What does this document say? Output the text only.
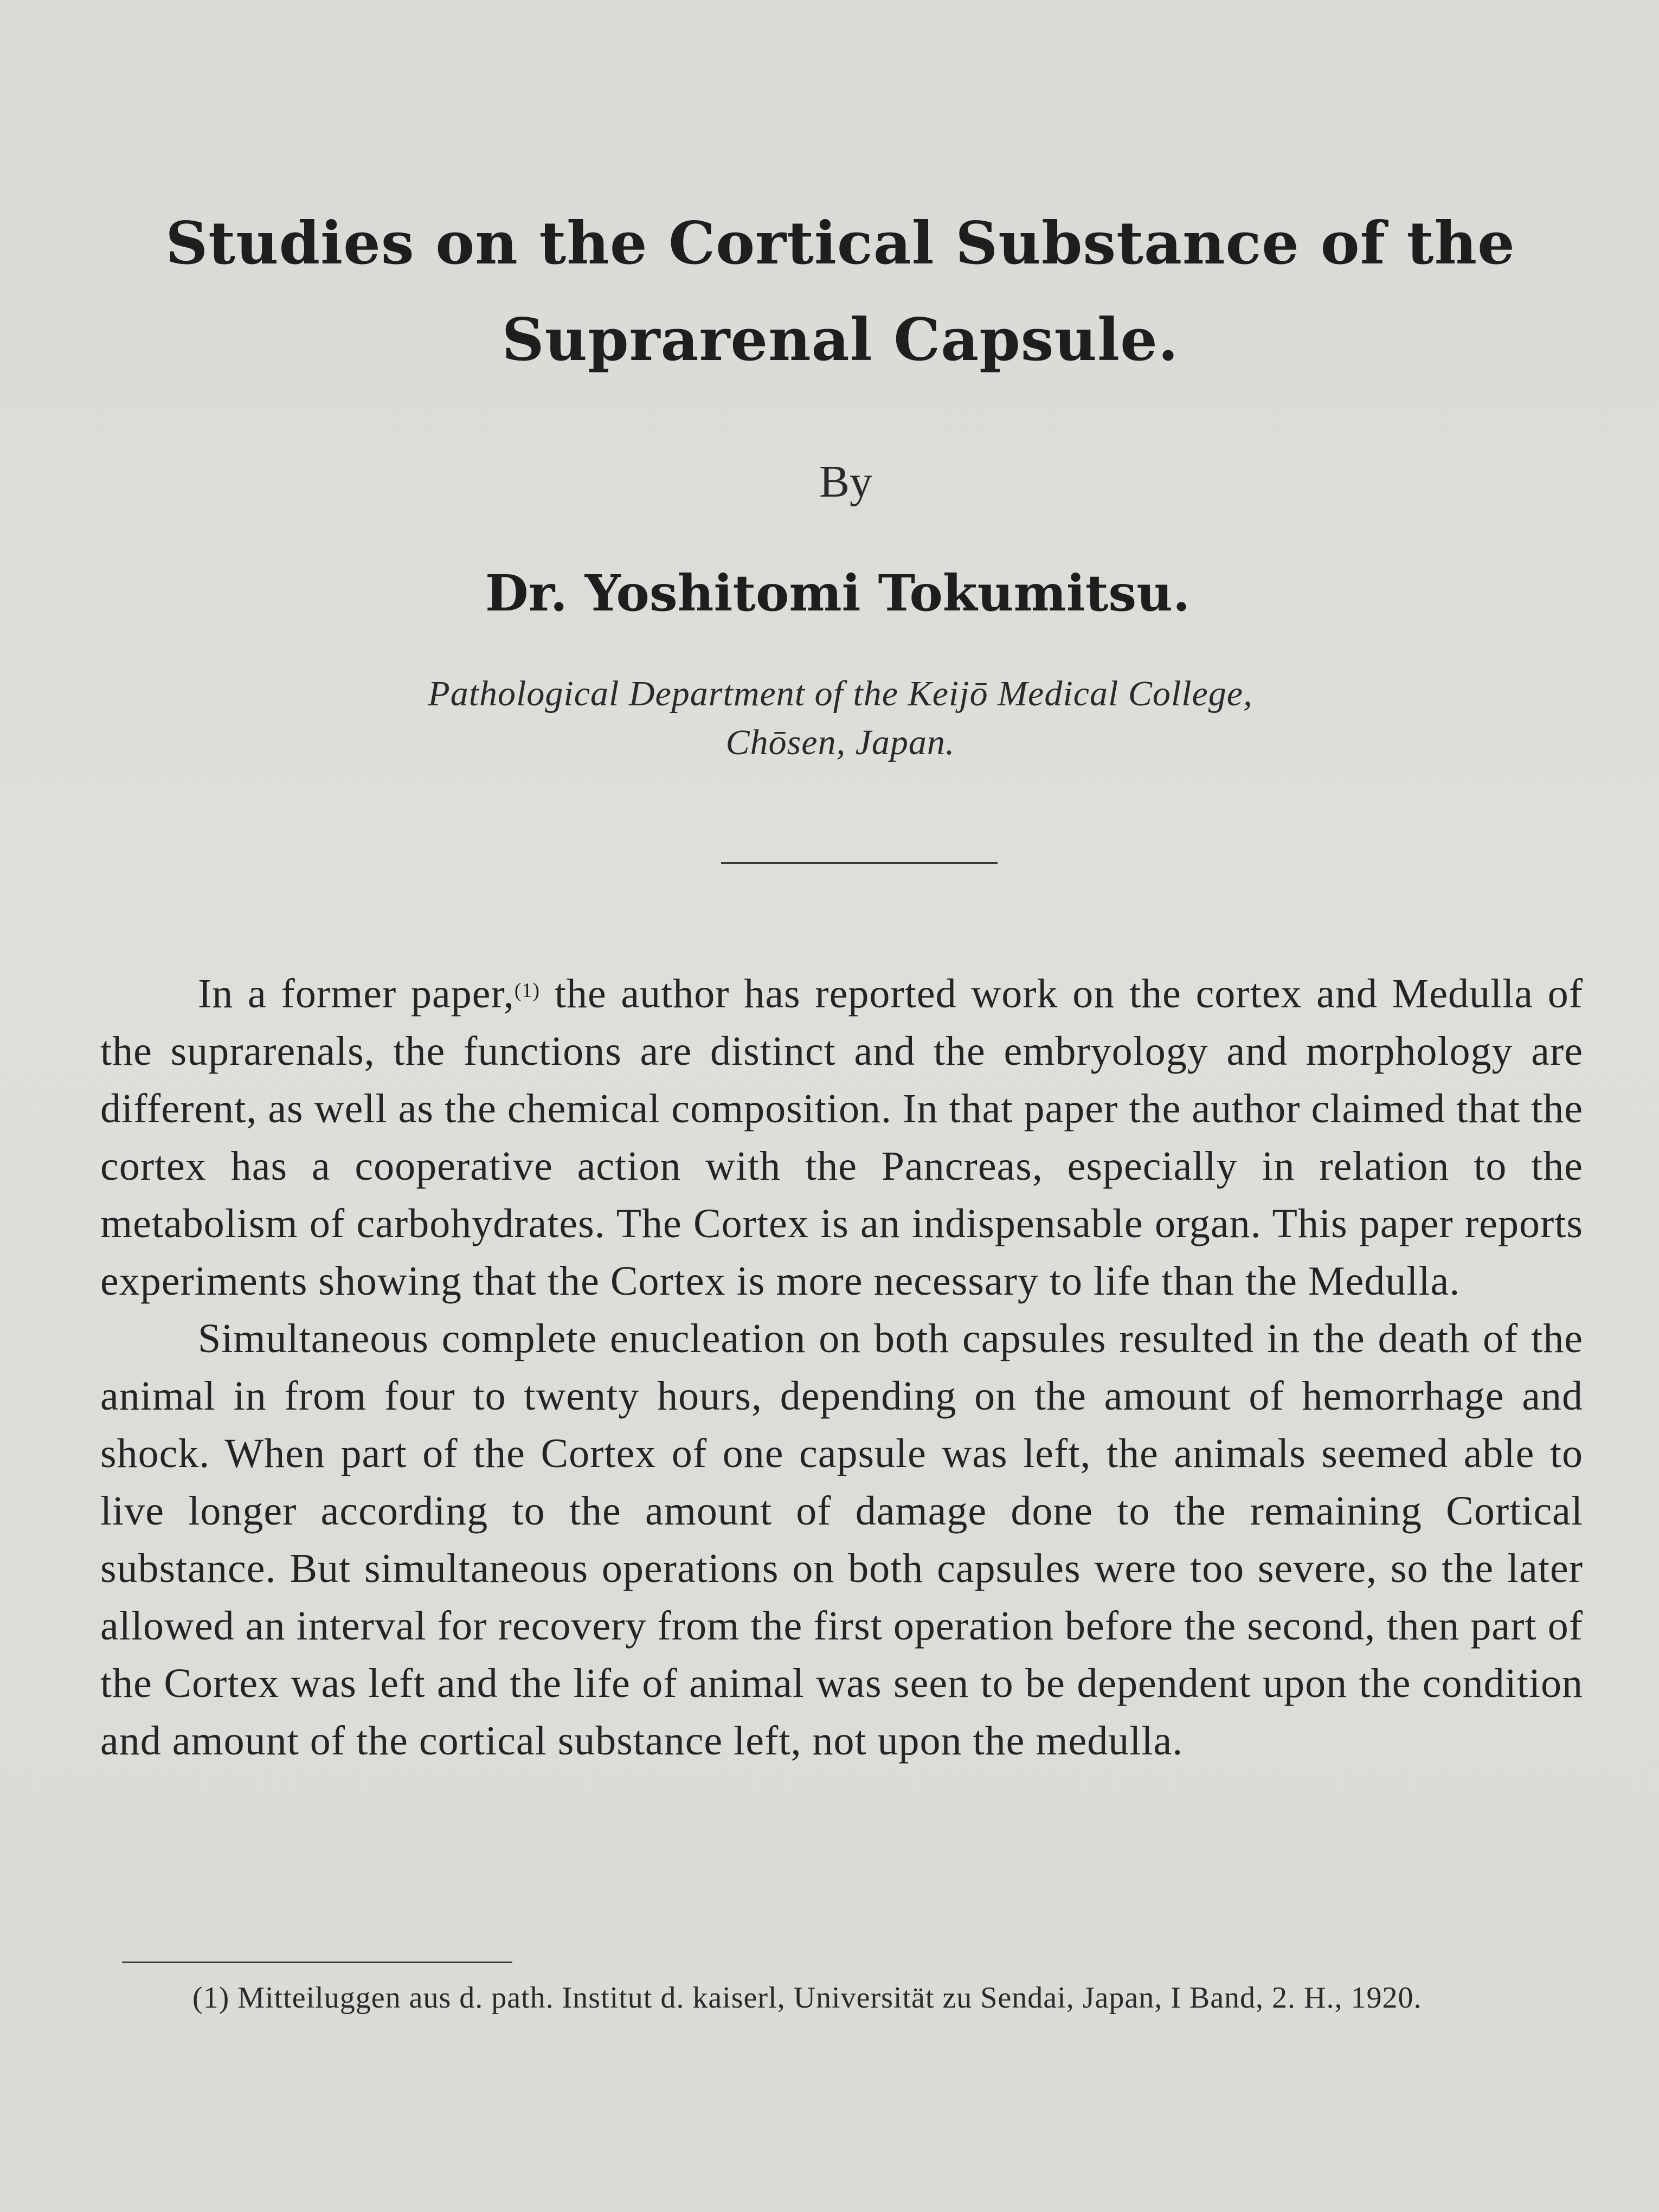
Studies on the Cortical Substance of the
Suprarenal Capsule.
By
Dr. Yoshitomi Tokumitsu.
Pathological Department of the Keijō Medical College,
Chōsen, Japan.

In a former paper,$^{(1)}$ the author has reported work on the cortex and Medulla of the suprarenals, the functions are distinct and the embryology and morphology are different, as well as the chemical composition. In that paper the author claimed that the cortex has a cooperative action with the Pancreas, especially in relation to the metabolism of carbohydrates. The Cortex is an indispensable organ. This paper reports experiments showing that the Cortex is more necessary to life than the Medulla.

Simultaneous complete enucleation on both capsules resulted in the death of the animal in from four to twenty hours, depending on the amount of hemorrhage and shock. When part of the Cortex of one capsule was left, the animals seemed able to live longer according to the amount of damage done to the remaining Cortical substance. But simultaneous operations on both capsules were too severe, so the later allowed an interval for recovery from the first operation before the second, then part of the Cortex was left and the life of animal was seen to be dependent upon the condition and amount of the cortical substance left, not upon the medulla.

(1) Mitteiluggen aus d. path. Institut d. kaiserl, Universität zu Sendai, Japan, I Band, 2. H., 1920.
